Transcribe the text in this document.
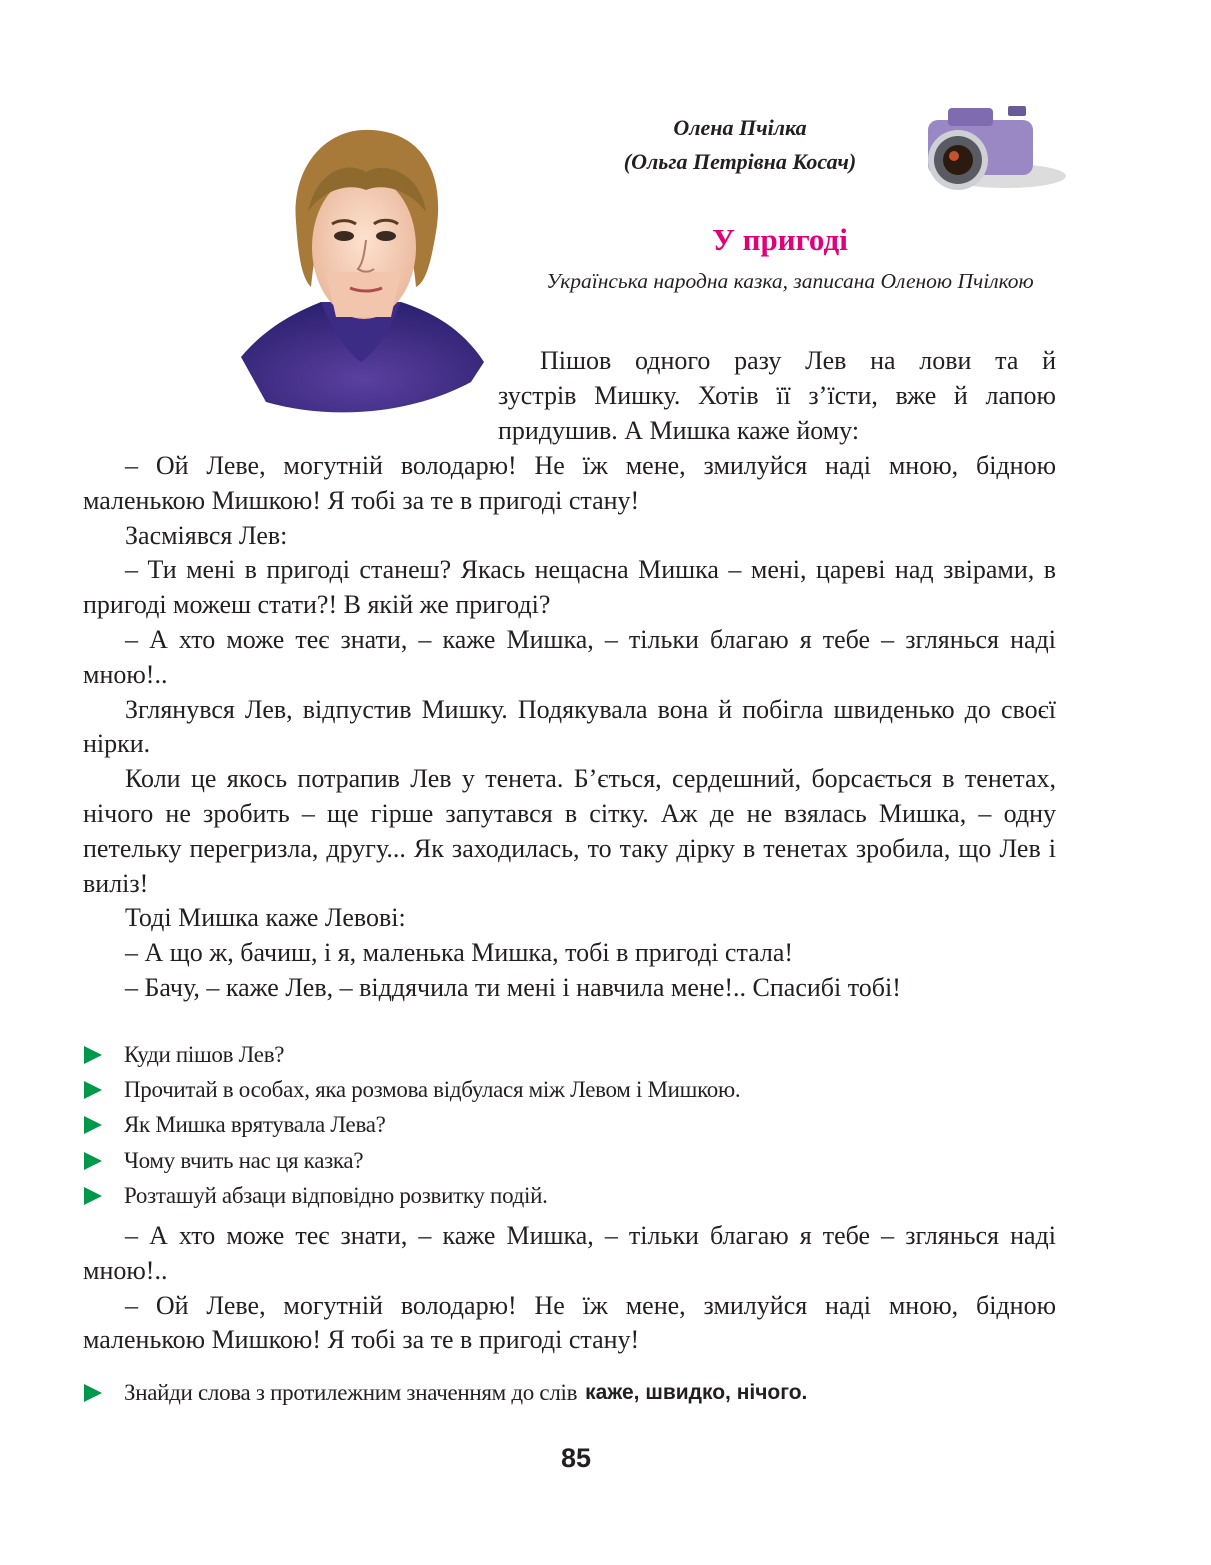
Олена Пчілка
(Ольга Петрівна Косач)
У пригоді
Українська народна казка, записана Оленою Пчілкою

Пішов одного разу Лев на лови та й

зустрів Мишку. Хотів її з’їсти, вже й лапою придушив. А Мишка каже йому:

– Ой Леве, могутній володарю! Не їж мене, змилуйся наді мною, бідною маленькою Мишкою! Я тобі за те в пригоді стану!

Засміявся Лев:

– Ти мені в пригоді станеш? Якась нещасна Мишка – мені, цареві над звірами, в пригоді можеш стати?! В якій же пригоді?

– А хто може теє знати, – каже Мишка, – тільки благаю я тебе – зглянься наді мною!..

Зглянувся Лев, відпустив Мишку. Подякувала вона й побігла швиденько до своєї нірки.

Коли це якось потрапив Лев у тенета. Б’ється, сердешний, борсається в тенетах, нічого не зробить – ще гірше запутався в сітку. Аж де не взялась Мишка, – одну петельку перегризла, другу... Як заходилась, то таку дірку в тенетах зробила, що Лев і виліз!

Тоді Мишка каже Левові:

– А що ж, бачиш, і я, маленька Мишка, тобі в пригоді стала!

– Бачу, – каже Лев, – віддячила ти мені і навчила мене!.. Спасибі тобі!

Куди пішов Лев?
Прочитай в особах, яка розмова відбулася між Левом і Мишкою.
Як Мишка врятувала Лева?
Чому вчить нас ця казка?
Розташуй абзаци відповідно розвитку подій.

– А хто може теє знати, – каже Мишка, – тільки благаю я тебе – зглянься наді мною!..

– Ой Леве, могутній володарю! Не їж мене, змилуйся наді мною, бідною маленькою Мишкою! Я тобі за те в пригоді стану!

Знайди слова з протилежним значенням до слів каже, швидко, нічого.
85
